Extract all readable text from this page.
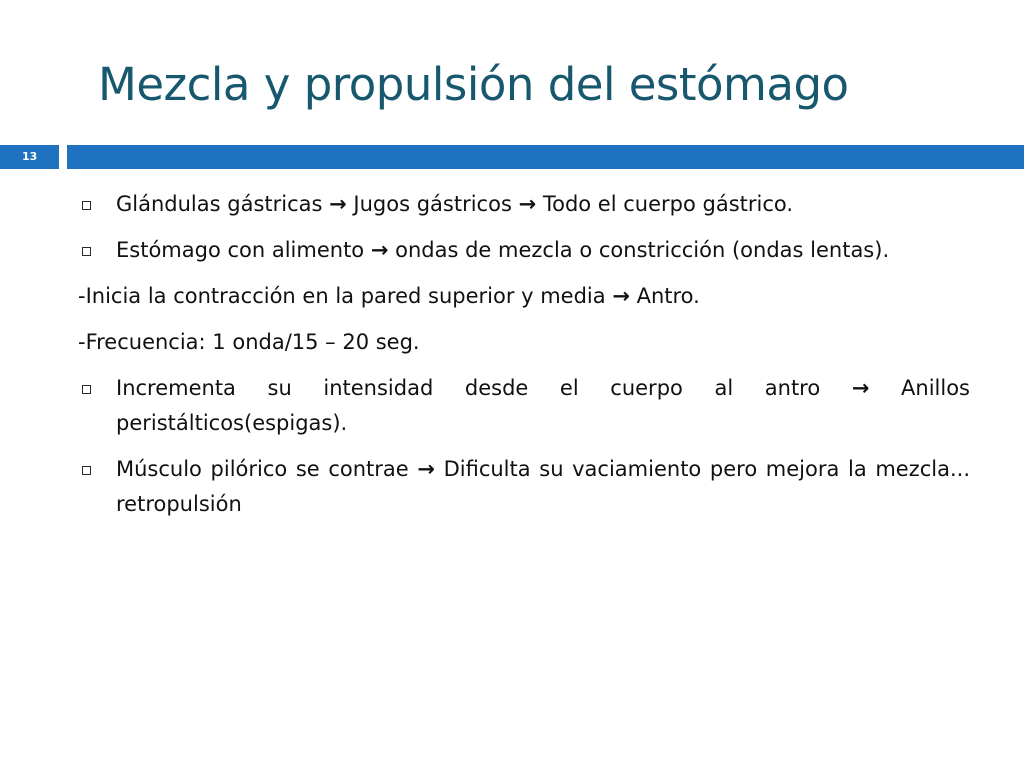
Mezcla y propulsión del estómago
13
Glándulas gástricas → Jugos gástricos → Todo el cuerpo gástrico.
Estómago con alimento → ondas de mezcla o constricción (ondas lentas).
-Inicia la contracción en la pared superior y media → Antro.
-Frecuencia: 1 onda/15 – 20 seg.
Incrementa su intensidad desde el cuerpo al antro → Anillos peristálticos(espigas).
Músculo pilórico se contrae → Dificulta su vaciamiento pero mejora la mezcla... retropulsión
